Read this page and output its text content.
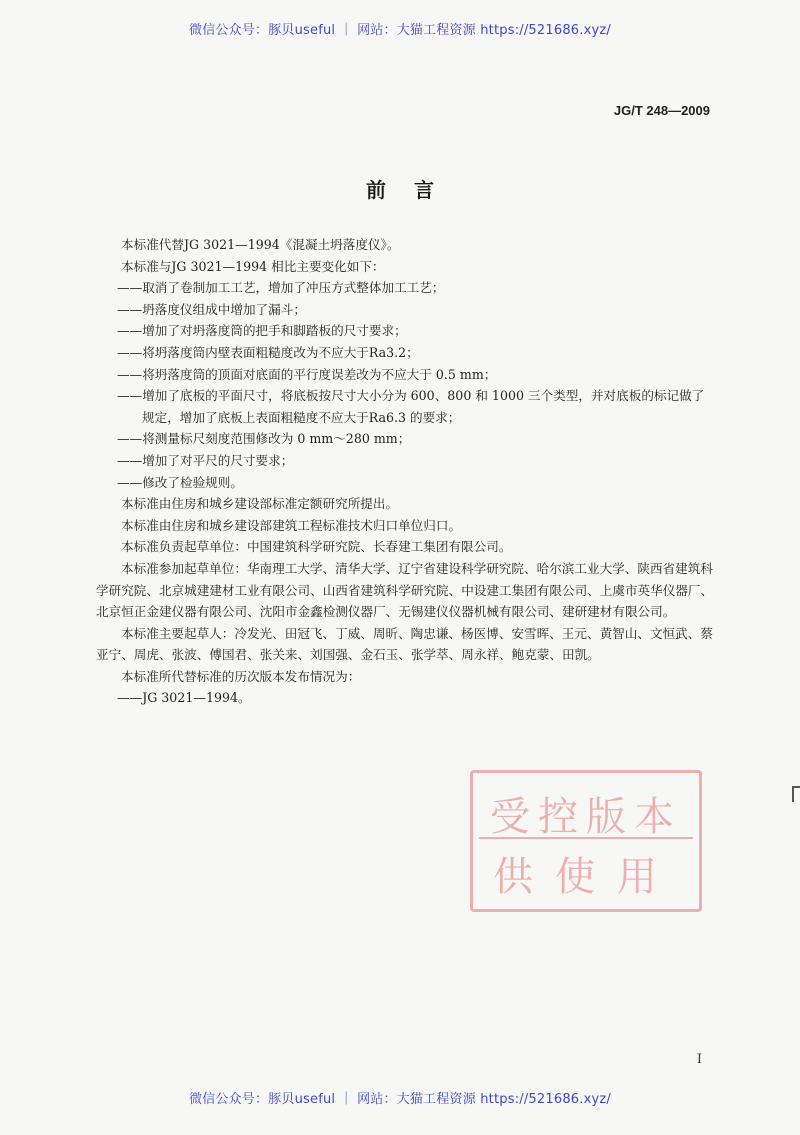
微信公众号：豚贝useful ｜ 网站：大猫工程资源 https://521686.xyz/
JG/T 248—2009
前言

本标准代替JG 3021—1994《混凝土坍落度仪》。

本标准与JG 3021—1994 相比主要变化如下：

——取消了卷制加工工艺，增加了冲压方式整体加工工艺；

——坍落度仪组成中增加了漏斗；

——增加了对坍落度筒的把手和脚踏板的尺寸要求；

——将坍落度筒内壁表面粗糙度改为不应大于Ra3.2；

——将坍落度筒的顶面对底面的平行度误差改为不应大于 0.5 mm；

——增加了底板的平面尺寸，将底板按尺寸大小分为 600、800 和 1000 三个类型，并对底板的标记做了规定，增加了底板上表面粗糙度不应大于Ra6.3 的要求；

——将测量标尺刻度范围修改为 0 mm～280 mm；

——增加了对平尺的尺寸要求；

——修改了检验规则。

本标准由住房和城乡建设部标准定额研究所提出。

本标准由住房和城乡建设部建筑工程标准技术归口单位归口。

本标准负责起草单位：中国建筑科学研究院、长春建工集团有限公司。

本标准参加起草单位：华南理工大学、清华大学、辽宁省建设科学研究院、哈尔滨工业大学、陕西省建筑科学研究院、北京城建建材工业有限公司、山西省建筑科学研究院、中设建工集团有限公司、上虞市英华仪器厂、北京恒正金建仪器有限公司、沈阳市金鑫检测仪器厂、无锡建仪仪器机械有限公司、建研建材有限公司。

本标准主要起草人：冷发光、田冠飞、丁威、周昕、陶忠谦、杨医博、安雪晖、王元、黄智山、文恒武、蔡亚宁、周虎、张波、傅国君、张关来、刘国强、金石玉、张学萃、周永祥、鲍克蒙、田凯。

本标准所代替标准的历次版本发布情况为：

——JG 3021—1994。

受控版本
供使用
I
微信公众号：豚贝useful ｜ 网站：大猫工程资源 https://521686.xyz/
